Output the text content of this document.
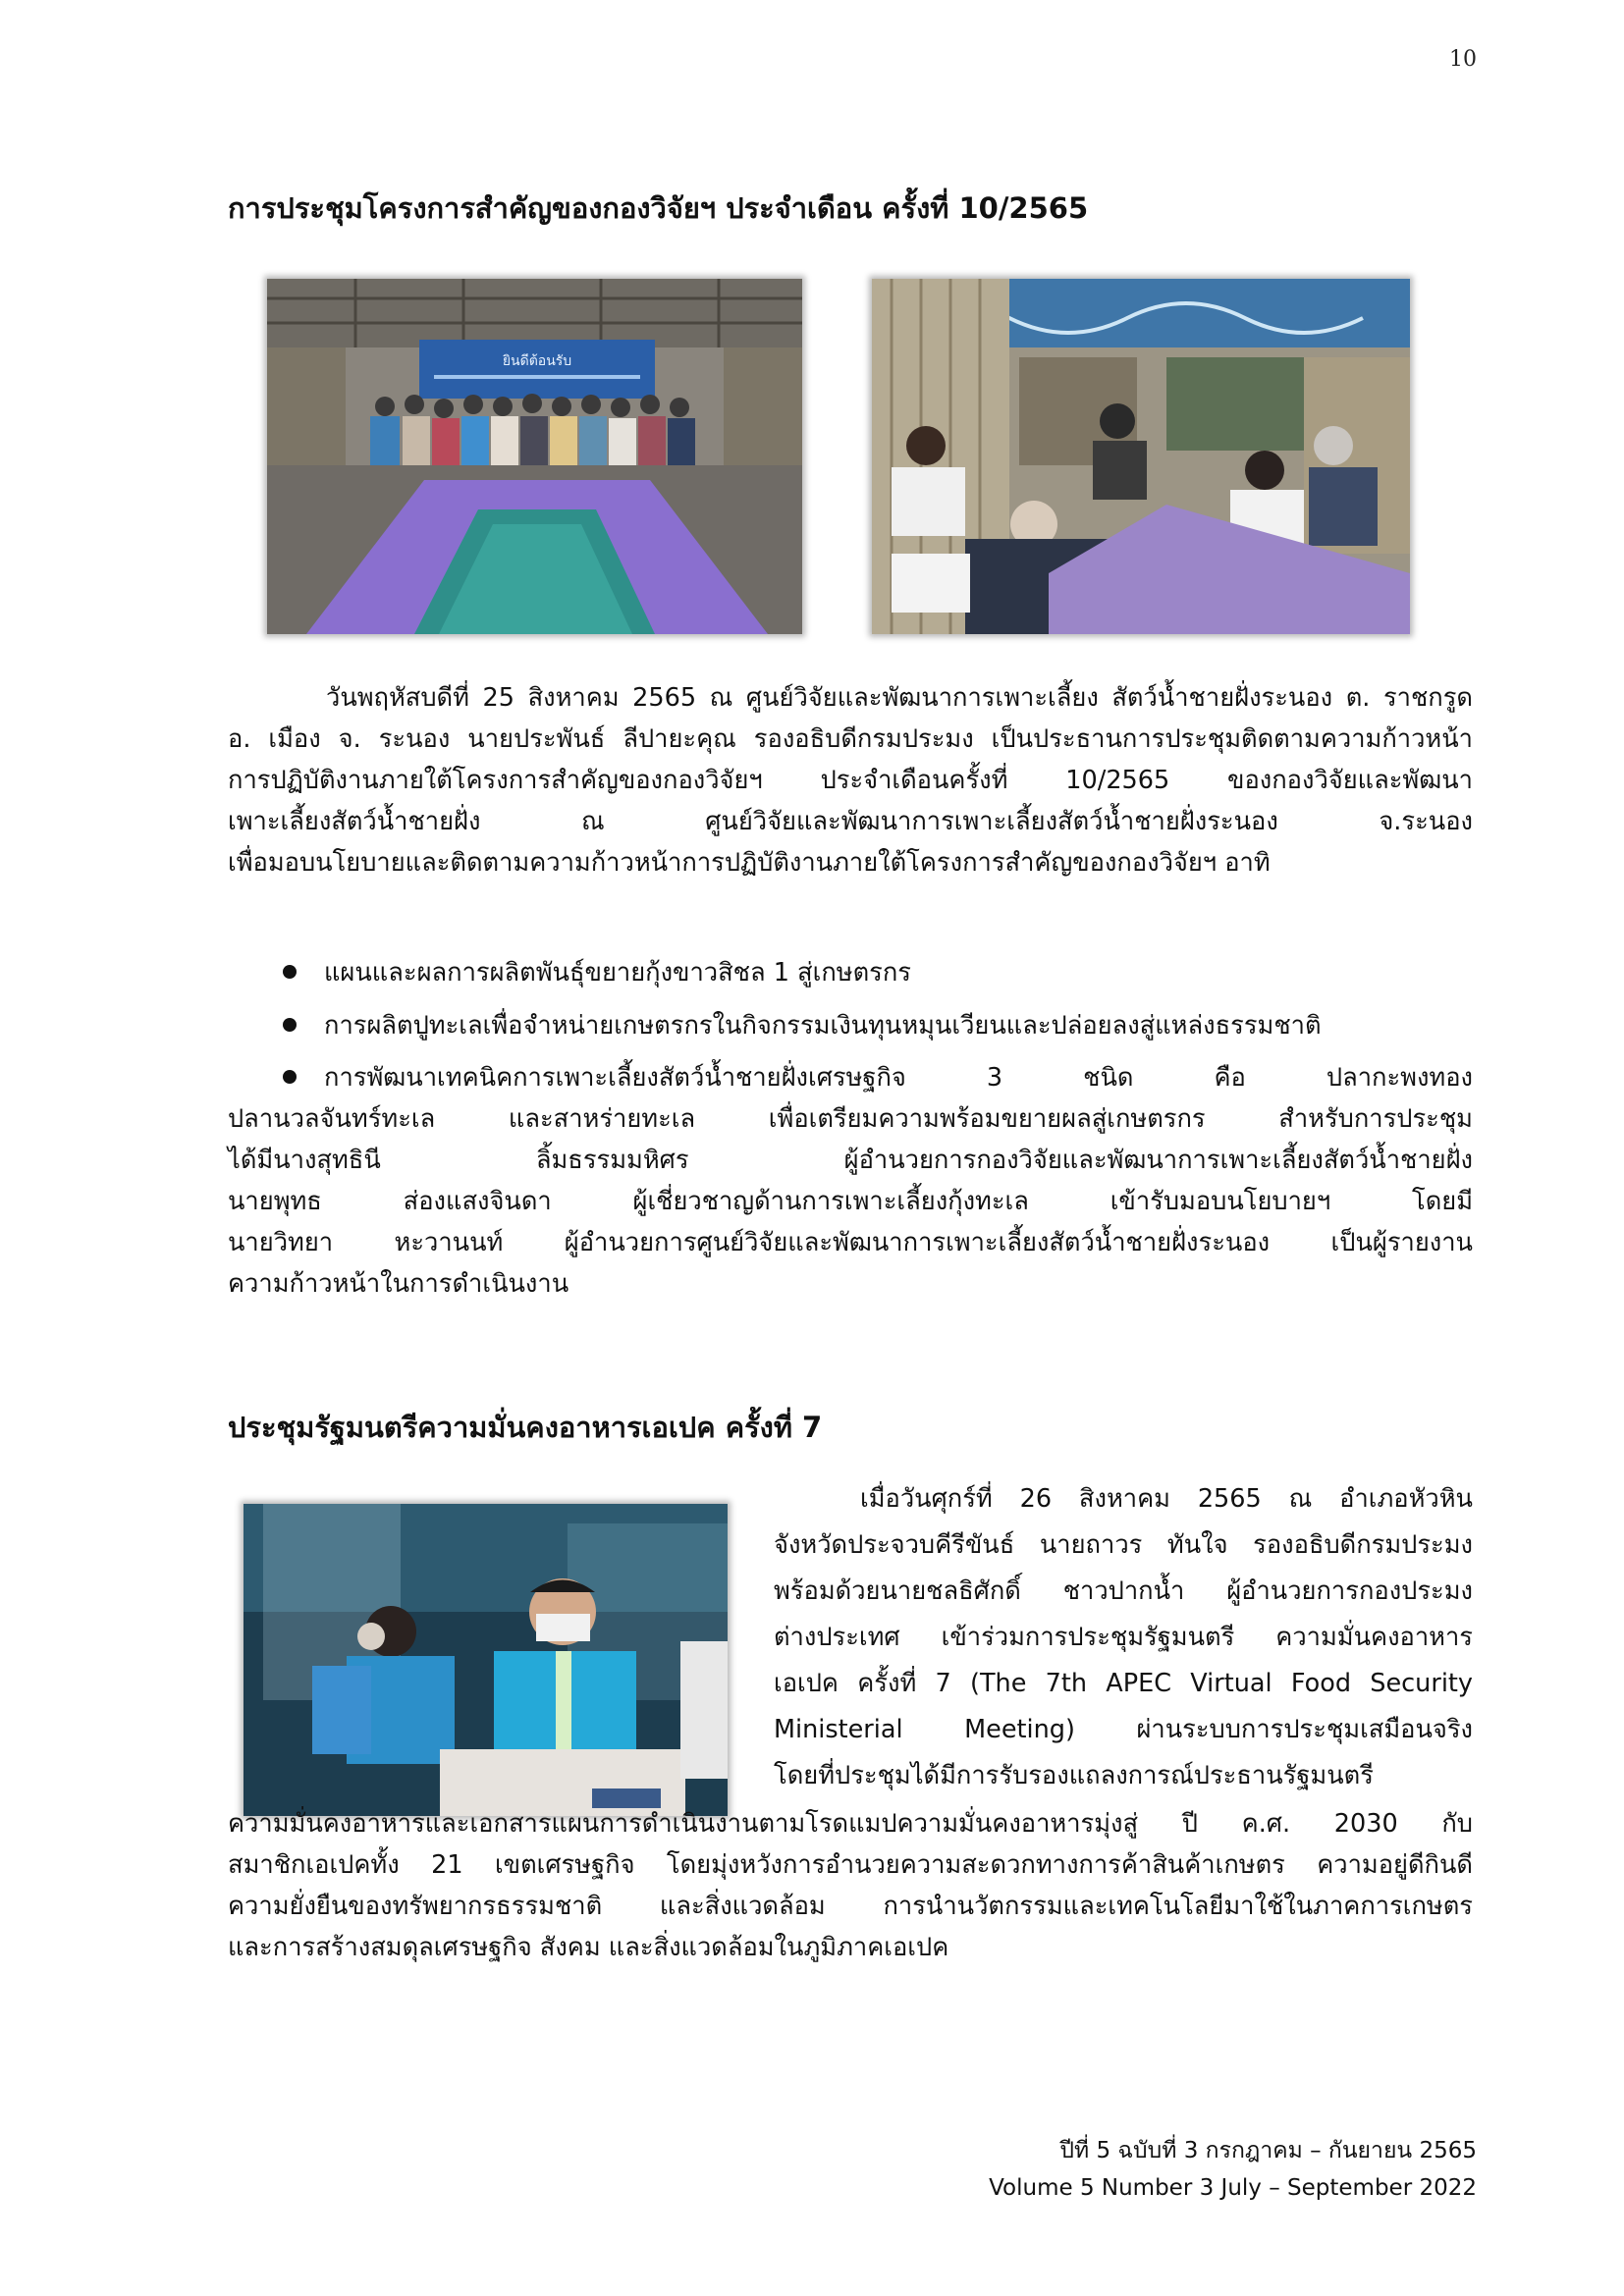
10
การประชุมโครงการสำคัญของกองวิจัยฯ ประจำเดือน ครั้งที่ 10/2565
ยินดีต้อนรับ

วันพฤหัสบดีที่ 25 สิงหาคม 2565 ณ ศูนย์วิจัยและพัฒนาการเพาะเลี้ยง สัตว์น้ำชายฝั่งระนอง ต. ราชกรูด
อ. เมือง จ. ระนอง นายประพันธ์ ลีปายะคุณ รองอธิบดีกรมประมง เป็นประธานการประชุมติดตามความก้าวหน้า
การปฏิบัติงานภายใต้โครงการสำคัญของกองวิจัยฯ ประจำเดือนครั้งที่ 10/2565 ของกองวิจัยและพัฒนา
เพาะเลี้ยงสัตว์น้ำชายฝั่ง ณ ศูนย์วิจัยและพัฒนาการเพาะเลี้ยงสัตว์น้ำชายฝั่งระนอง จ.ระนอง
เพื่อมอบนโยบายและติดตามความก้าวหน้าการปฏิบัติงานภายใต้โครงการสำคัญของกองวิจัยฯ อาทิ

แผนและผลการผลิตพันธุ์ขยายกุ้งขาวสิชล 1 สู่เกษตรกร
การผลิตปูทะเลเพื่อจำหน่ายเกษตรกรในกิจกรรมเงินทุนหมุนเวียนและปล่อยลงสู่แหล่งธรรมชาติ

การพัฒนาเทคนิคการเพาะเลี้ยงสัตว์น้ำชายฝั่งเศรษฐกิจ 3 ชนิด คือ ปลากะพงทอง
ปลานวลจันทร์ทะเล และสาหร่ายทะเล เพื่อเตรียมความพร้อมขยายผลสู่เกษตรกร สำหรับการประชุม
ได้มีนางสุทธินี ลิ้มธรรมมหิศร ผู้อำนวยการกองวิจัยและพัฒนาการเพาะเลี้ยงสัตว์น้ำชายฝั่ง
นายพุทธ ส่องแสงจินดา ผู้เชี่ยวชาญด้านการเพาะเลี้ยงกุ้งทะเล เข้ารับมอบนโยบายฯ โดยมี
นายวิทยา หะวานนท์ ผู้อำนวยการศูนย์วิจัยและพัฒนาการเพาะเลี้ยงสัตว์น้ำชายฝั่งระนอง เป็นผู้รายงาน
ความก้าวหน้าในการดำเนินงาน

ประชุมรัฐมนตรีความมั่นคงอาหารเอเปค ครั้งที่ 7

เมื่อวันศุกร์ที่ 26 สิงหาคม 2565 ณ อำเภอหัวหิน
จังหวัดประจวบคีรีขันธ์ นายถาวร ทันใจ รองอธิบดีกรมประมง
พร้อมด้วยนายชลธิศักดิ์ ชาวปากน้ำ ผู้อำนวยการกองประมง
ต่างประเทศ เข้าร่วมการประชุมรัฐมนตรี ความมั่นคงอาหาร
เอเปค ครั้งที่ 7 (The 7th APEC Virtual Food Security
Ministerial Meeting) ผ่านระบบการประชุมเสมือนจริง
โดยที่ประชุมได้มีการรับรองแถลงการณ์ประธานรัฐมนตรี

ความมั่นคงอาหารและเอกสารแผนการดำเนินงานตามโรดแมปความมั่นคงอาหารมุ่งสู่ ปี ค.ศ. 2030 กับ
สมาชิกเอเปคทั้ง 21 เขตเศรษฐกิจ โดยมุ่งหวังการอำนวยความสะดวกทางการค้าสินค้าเกษตร ความอยู่ดีกินดี
ความยั่งยืนของทรัพยากรธรรมชาติ และสิ่งแวดล้อม การนำนวัตกรรมและเทคโนโลยีมาใช้ในภาคการเกษตร
และการสร้างสมดุลเศรษฐกิจ สังคม และสิ่งแวดล้อมในภูมิภาคเอเปค

ปีที่ 5 ฉบับที่ 3 กรกฎาคม – กันยายน 2565
Volume 5 Number 3 July – September 2022
